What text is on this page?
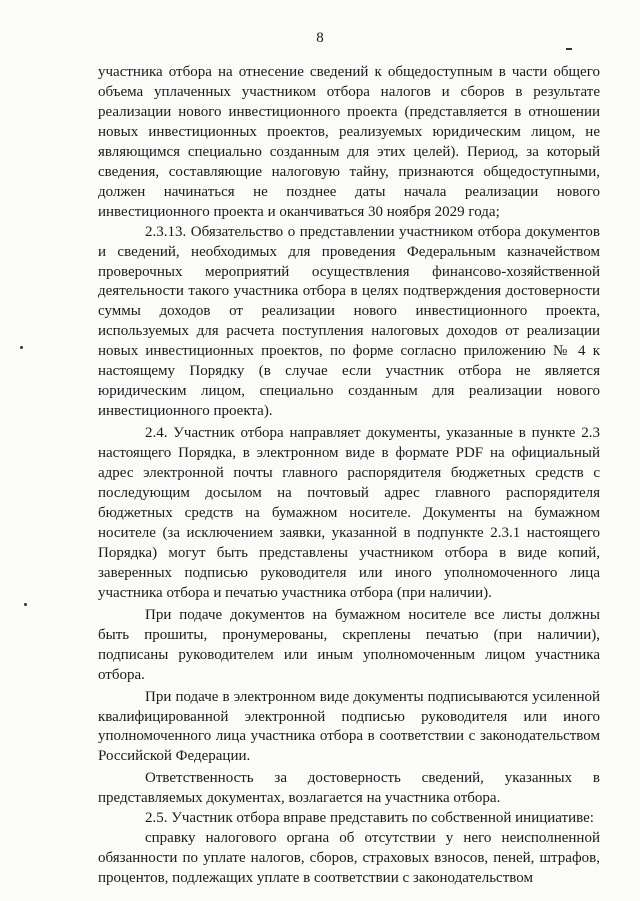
8

участника отбора на отнесение сведений к общедоступным в части общего объема уплаченных участником отбора налогов и сборов в результате реализации нового инвестиционного проекта (представляется в отношении новых инвестиционных проектов, реализуемых юридическим лицом, не являющимся специально созданным для этих целей). Период, за который сведения, составляющие налоговую тайну, признаются общедоступными, должен начинаться не позднее даты начала реализации нового инвестиционного проекта и оканчиваться 30 ноября 2029 года;

2.3.13. Обязательство о представлении участником отбора документов и сведений, необходимых для проведения Федеральным казначейством проверочных мероприятий осуществления финансово-хозяйственной деятельности такого участника отбора в целях подтверждения достоверности суммы доходов от реализации нового инвестиционного проекта, используемых для расчета поступления налоговых доходов от реализации новых инвестиционных проектов, по форме согласно приложению № 4 к настоящему Порядку (в случае если участник отбора не является юридическим лицом, специально созданным для реализации нового инвестиционного проекта).

2.4. Участник отбора направляет документы, указанные в пункте 2.3 настоящего Порядка, в электронном виде в формате PDF на официальный адрес электронной почты главного распорядителя бюджетных средств с последующим досылом на почтовый адрес главного распорядителя бюджетных средств на бумажном носителе. Документы на бумажном носителе (за исключением заявки, указанной в подпункте 2.3.1 настоящего Порядка) могут быть представлены участником отбора в виде копий, заверенных подписью руководителя или иного уполномоченного лица участника отбора и печатью участника отбора (при наличии).

При подаче документов на бумажном носителе все листы должны быть прошиты, пронумерованы, скреплены печатью (при наличии), подписаны руководителем или иным уполномоченным лицом участника отбора.

При подаче в электронном виде документы подписываются усиленной квалифицированной электронной подписью руководителя или иного уполномоченного лица участника отбора в соответствии с законодательством Российской Федерации.

Ответственность за достоверность сведений, указанных в представляемых документах, возлагается на участника отбора.

2.5. Участник отбора вправе представить по собственной инициативе:

справку налогового органа об отсутствии у него неисполненной обязанности по уплате налогов, сборов, страховых взносов, пеней, штрафов, процентов, подлежащих уплате в соответствии с законодательством
